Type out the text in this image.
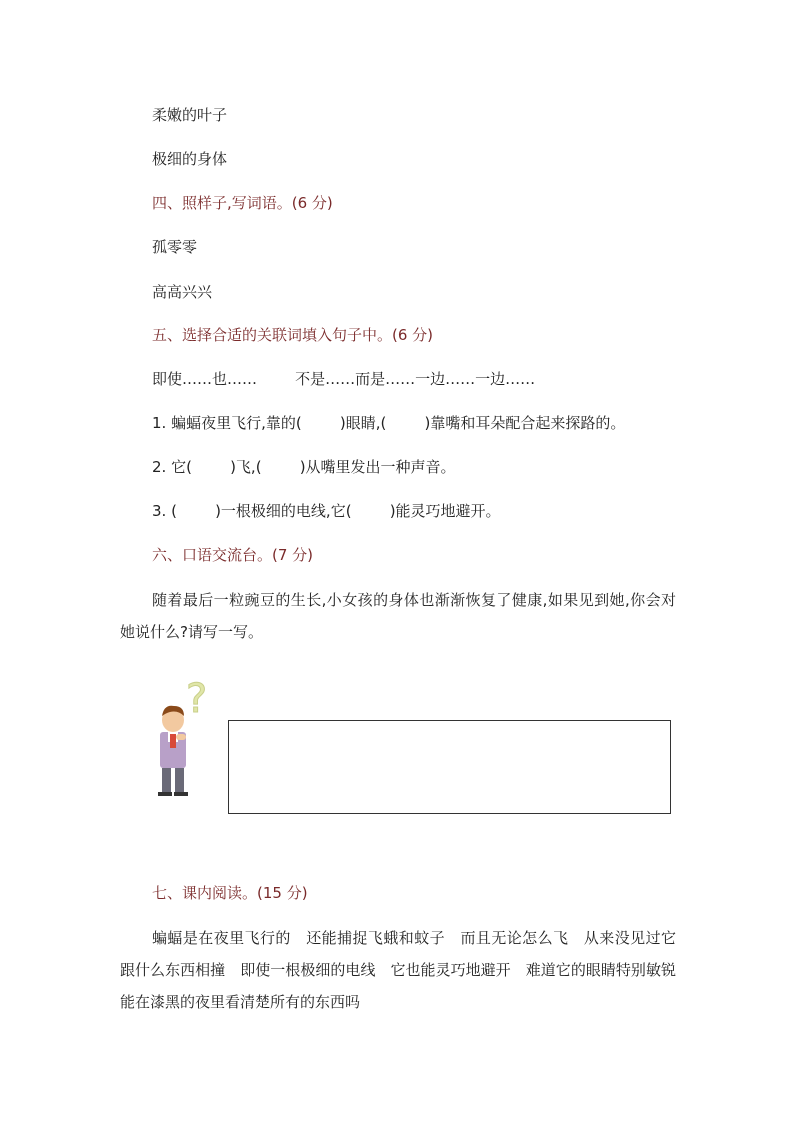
柔嫩的叶子

极细的身体

四、照样子,写词语。(6 分)

孤零零

高高兴兴

五、选择合适的关联词填入句子中。(6 分)

即使……也……        不是……而是……一边……一边……

1. 蝙蝠夜里飞行,靠的(        )眼睛,(        )靠嘴和耳朵配合起来探路的。

2. 它(        )飞,(        )从嘴里发出一种声音。

3. (        )一根极细的电线,它(        )能灵巧地避开。

六、口语交流台。(7 分)

随着最后一粒豌豆的生长,小女孩的身体也渐渐恢复了健康,如果见到她,你会对她说什么?请写一写。

?

七、课内阅读。(15 分)

蝙蝠是在夜里飞行的　还能捕捉飞蛾和蚊子　而且无论怎么飞　从来没见过它跟什么东西相撞　即使一根极细的电线　它也能灵巧地避开　难道它的眼睛特别敏锐　能在漆黑的夜里看清楚所有的东西吗
